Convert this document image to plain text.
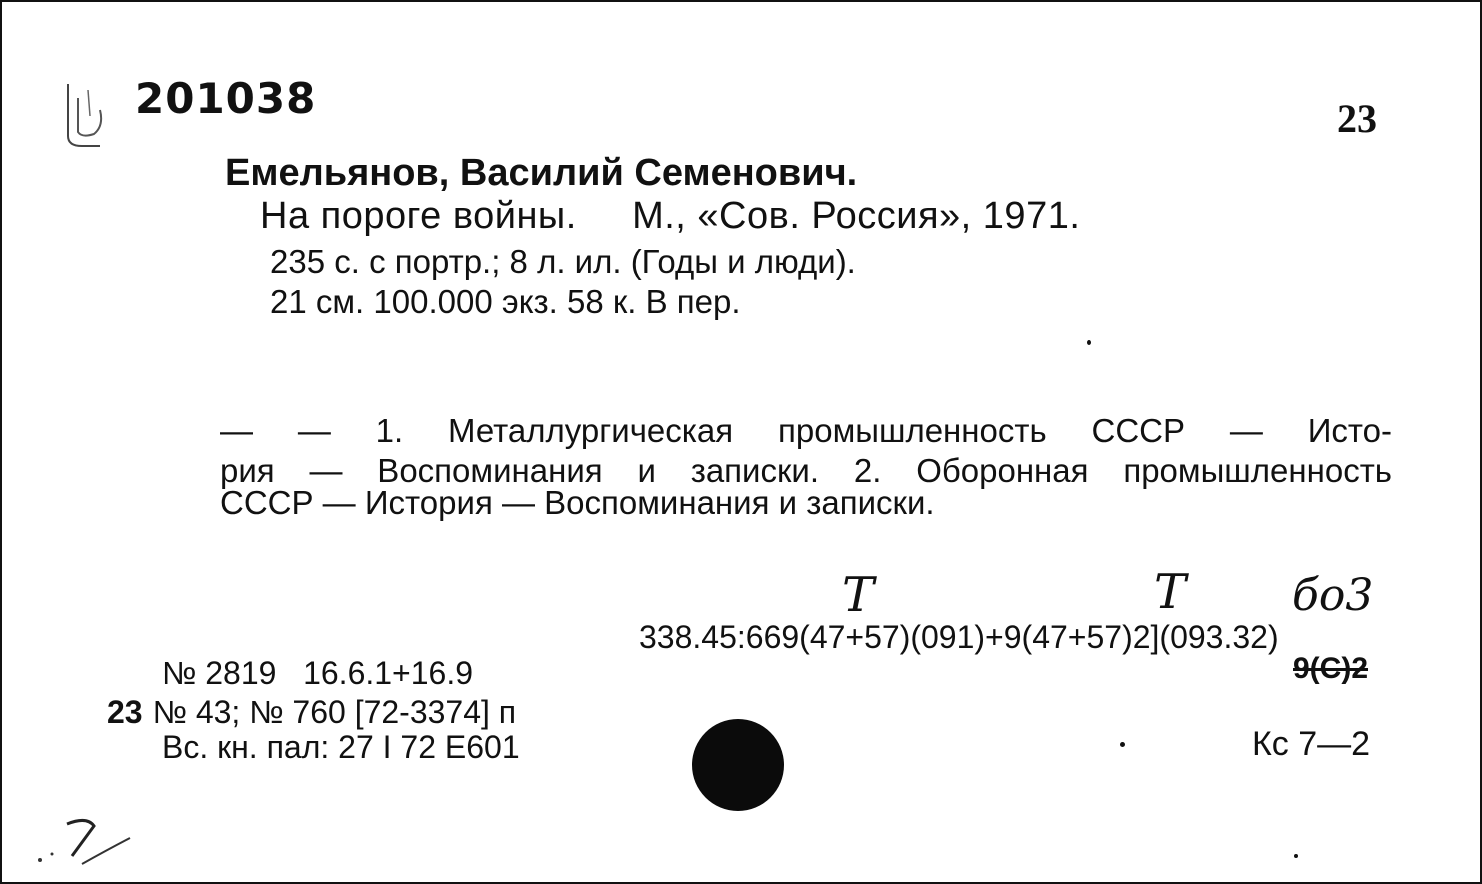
201038	23
Емельянов, Василий Семенович.
На пороге войны.     М., «Сов. Россия», 1971.
235 с. с портр.; 8 л. ил. (Годы и люди).
21 см. 100.000 экз. 58 к. В пер.
— — 1. Металлургическая промышленность СССР — Исто-
рия — Воспоминания и записки. 2. Оборонная промышленность
СССР — История — Воспоминания и записки.
Т	Т бо3
338.45:669(47+57)(091)+9(47+57)2](093.32)
9(С)2
№ 2819   16.6.1+16.9
23 № 43; № 760 [72-3374] п
Вс. кн. пал: 27 I 72 Е601	Кс 7—2
